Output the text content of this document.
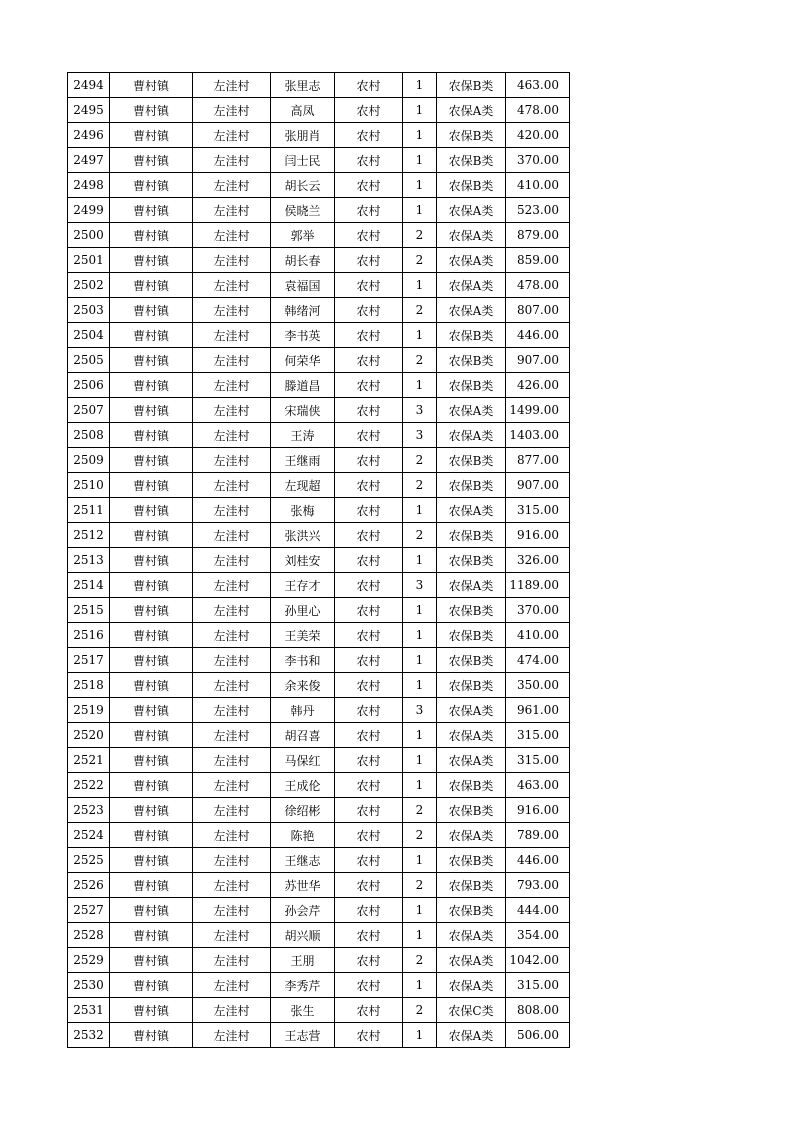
2494	曹村镇	左洼村	张里志	农村	1	农保B类	463.00
2495	曹村镇	左洼村	高凤	农村	1	农保A类	478.00
2496	曹村镇	左洼村	张朋肖	农村	1	农保B类	420.00
2497	曹村镇	左洼村	闫士民	农村	1	农保B类	370.00
2498	曹村镇	左洼村	胡长云	农村	1	农保B类	410.00
2499	曹村镇	左洼村	侯晓兰	农村	1	农保A类	523.00
2500	曹村镇	左洼村	郭举	农村	2	农保A类	879.00
2501	曹村镇	左洼村	胡长春	农村	2	农保A类	859.00
2502	曹村镇	左洼村	袁福国	农村	1	农保A类	478.00
2503	曹村镇	左洼村	韩绪河	农村	2	农保A类	807.00
2504	曹村镇	左洼村	李书英	农村	1	农保B类	446.00
2505	曹村镇	左洼村	何荣华	农村	2	农保B类	907.00
2506	曹村镇	左洼村	滕道昌	农村	1	农保B类	426.00
2507	曹村镇	左洼村	宋瑞侠	农村	3	农保A类	1499.00
2508	曹村镇	左洼村	王涛	农村	3	农保A类	1403.00
2509	曹村镇	左洼村	王继雨	农村	2	农保B类	877.00
2510	曹村镇	左洼村	左现超	农村	2	农保B类	907.00
2511	曹村镇	左洼村	张梅	农村	1	农保A类	315.00
2512	曹村镇	左洼村	张洪兴	农村	2	农保B类	916.00
2513	曹村镇	左洼村	刘桂安	农村	1	农保B类	326.00
2514	曹村镇	左洼村	王存才	农村	3	农保A类	1189.00
2515	曹村镇	左洼村	孙里心	农村	1	农保B类	370.00
2516	曹村镇	左洼村	王美荣	农村	1	农保B类	410.00
2517	曹村镇	左洼村	李书和	农村	1	农保B类	474.00
2518	曹村镇	左洼村	余来俊	农村	1	农保B类	350.00
2519	曹村镇	左洼村	韩丹	农村	3	农保A类	961.00
2520	曹村镇	左洼村	胡召喜	农村	1	农保A类	315.00
2521	曹村镇	左洼村	马保红	农村	1	农保A类	315.00
2522	曹村镇	左洼村	王成伦	农村	1	农保B类	463.00
2523	曹村镇	左洼村	徐绍彬	农村	2	农保B类	916.00
2524	曹村镇	左洼村	陈艳	农村	2	农保A类	789.00
2525	曹村镇	左洼村	王继志	农村	1	农保B类	446.00
2526	曹村镇	左洼村	苏世华	农村	2	农保B类	793.00
2527	曹村镇	左洼村	孙会芹	农村	1	农保B类	444.00
2528	曹村镇	左洼村	胡兴顺	农村	1	农保A类	354.00
2529	曹村镇	左洼村	王朋	农村	2	农保A类	1042.00
2530	曹村镇	左洼村	李秀芹	农村	1	农保A类	315.00
2531	曹村镇	左洼村	张生	农村	2	农保C类	808.00
2532	曹村镇	左洼村	王志营	农村	1	农保A类	506.00
